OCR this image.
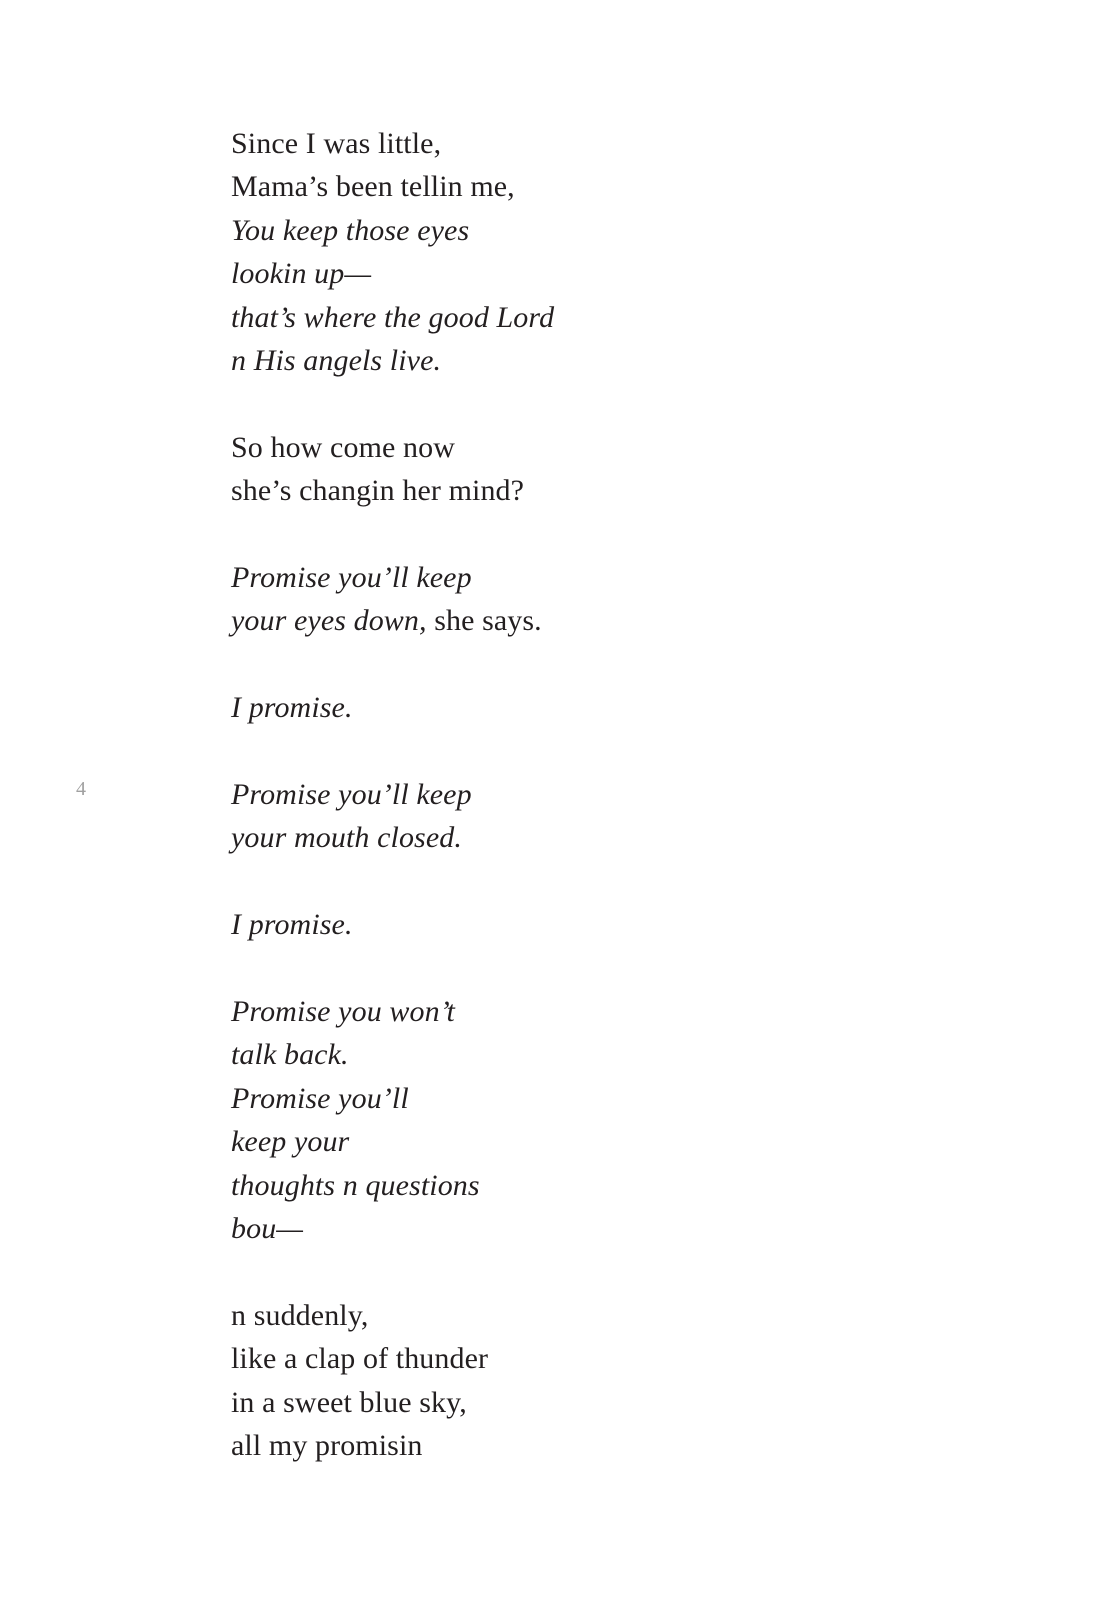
4
Since I was little,
Mama’s been tellin me,
You keep those eyes
lookin up—
that’s where the good Lord
n His angels live.
So how come now
she’s changin her mind?
Promise you’ll keep
your eyes down, she says.
I promise.
Promise you’ll keep
your mouth closed.
I promise.
Promise you won’t
talk back.
Promise you’ll
keep your
thoughts n questions
bou—
n suddenly,
like a clap of thunder
in a sweet blue sky,
all my promisin
